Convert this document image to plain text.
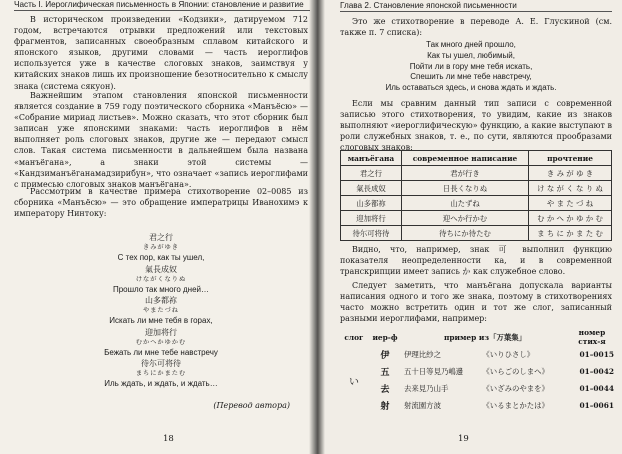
Часть I. Иероглифическая письменность в Японии: становление и развитие
В историческом произведении «Кодзики», датируемом 712 годом, встречаются отрывки предложений или текстовых фрагментов, записанных своеобразным сплавом китайского и японского языков, другими словами — часть иероглифов используется уже в качестве слоговых знаков, заимствуя у китайских знаков лишь их произношение безотносительно к смыслу знака (система сякуон).
Важнейшим этапом становления японской письменности является создание в 759 году поэтического сборника «Манъёсю» — «Собрание мириад листьев». Можно сказать, что этот сборник был записан уже японскими знаками: часть иероглифов в нём выполняет роль слоговых знаков, другие же — передают смысл слов. Такая система письменности в дальнейшем была названа «манъёгана», а знаки этой системы — «Кандзиманъёганамадзирибун», что означает «запись иероглифами с примесью слоговых знаков манъёгана».
Рассмотрим в качестве примера стихотворение 02–0085 из сборника «Манъёсю» — это обращение императрицы Иванохимэ к императору Нинтоку:
君之行
きみがゆき
С тех пор, как ты ушел,
氣長成奴
けながくなりぬ
Прошло так много дней…
山多都祢
やまたづね
Искать ли мне тебя в горах,
迎加将行
むかへかゆかむ
Бежать ли мне тебе навстречу
待尓可将待
まちにかまたむ
Иль ждать, и ждать, и ждать…
(Перевод автора)
18
Глава 2. Становление японской письменности
Это же стихотворение в переводе А. Е. Глускиной (см. также п. 7 списка):
Так много дней прошло,
Как ты ушел, любимый,
Пойти ли в гору мне тебя искать,
Спешить ли мне тебе навстречу,
Иль оставаться здесь, и снова ждать и ждать.
Если мы сравним данный тип записи с современной записью этого стихотворения, то увидим, какие из знаков выполняют «иероглифическую» функцию, а какие выступают в роли служебных знаков, т. е., по сути, являются прообразами слоговых знаков:
манъёгана	современное написание	прочтение
君之行	君が行き	き み が ゆ き
氣長成奴	日長くなりぬ	け な が く な り ぬ
山多都祢	山たずね	や ま た づ ね
迎加将行	迎へか行かむ	む か へ か ゆ か む
待尓可将待	待ちにか待たむ	ま ち に か ま た む
Видно, что, например, знак 可 выполнил функцию показателя неопределенности ка, и в современной транскрипции имеет запись か как служебное слово.
Следует заметить, что манъёгана допускала варианты написания одного и того же знака, поэтому в стихотворениях часто можно встретить один и тот же слог, записанный разными иероглифами, например:
слог	иер-ф	пример из「万葉集」		номер стих-я
い	伊	伊理比紗之	《いりひさし》	01–0015
	五	五十日等見乃嶋邊	《いらごのしまへ》	01–0042
	去	去来見乃山手	《いざみのやまを》	01–0044
	射	射流園方波	《いるまとかたは》	01–0061
19
